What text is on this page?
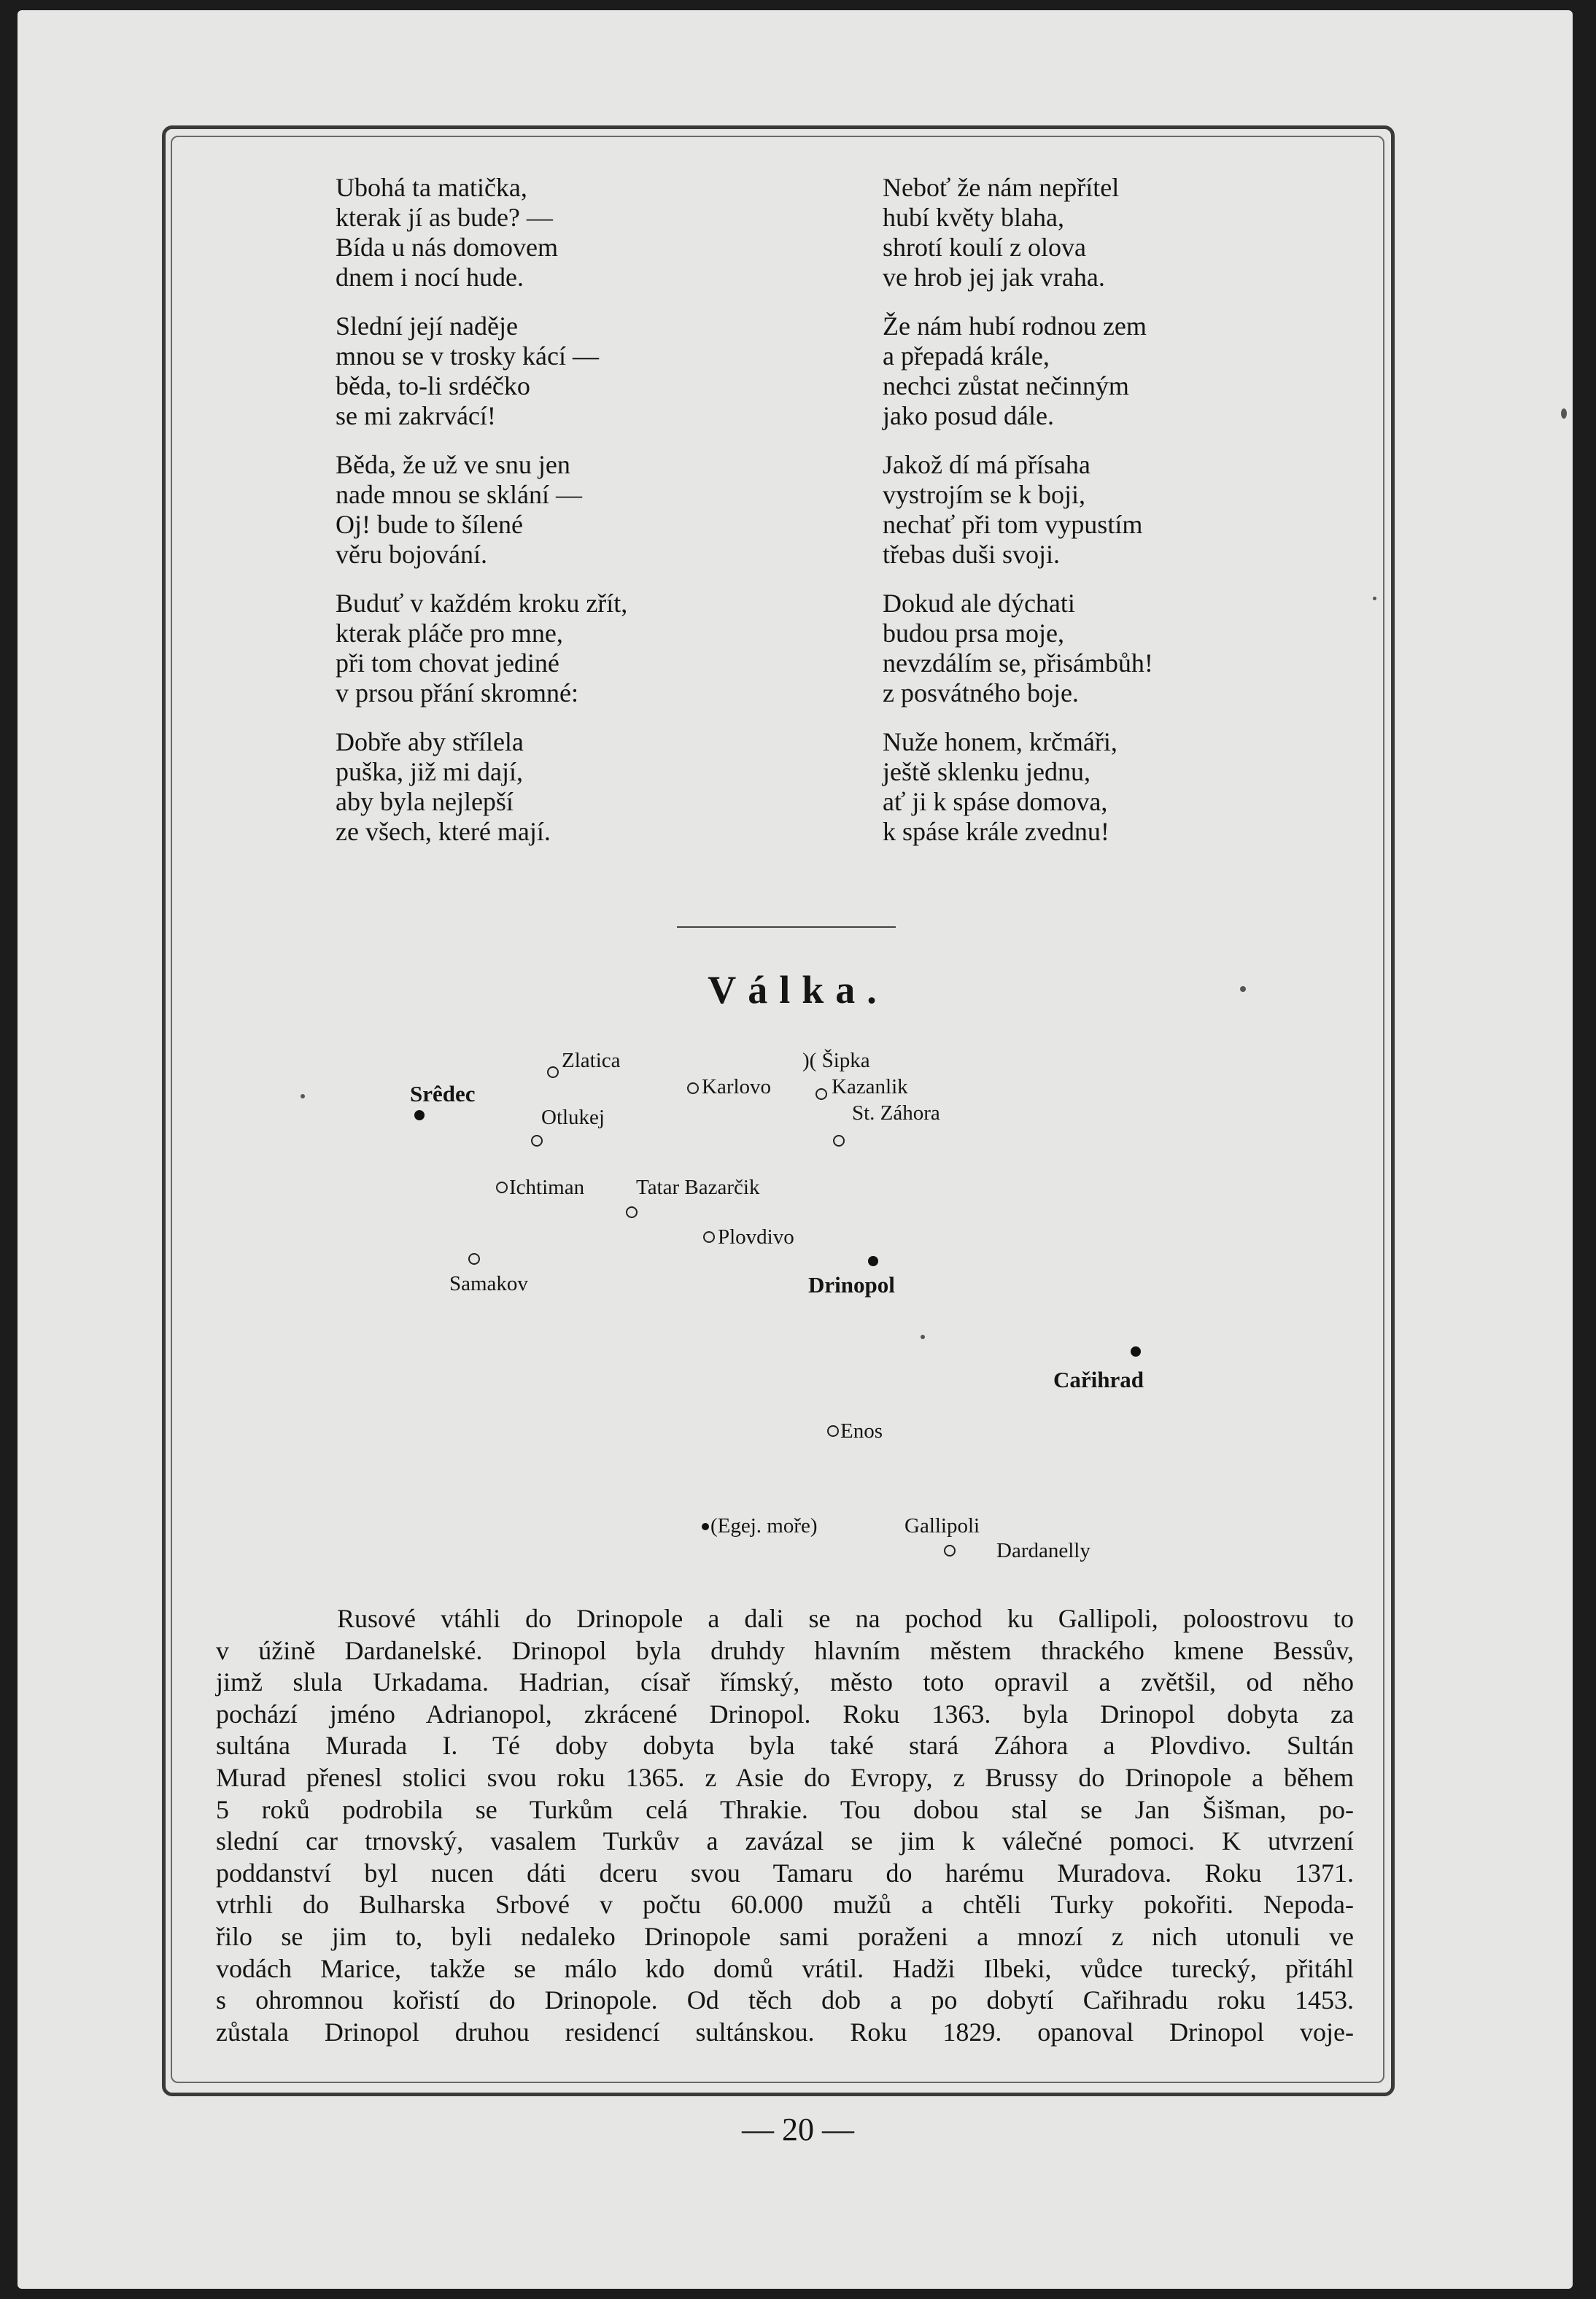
Ubohá ta matička,
kterak jí as bude? —
Bída u nás domovem
dnem i nocí hude.
Slední její naděje
mnou se v trosky kácí —
běda, to-li srdéčko
se mi zakrvácí!
Běda, že už ve snu jen
nade mnou se sklání —
Oj! bude to šílené
věru bojování.
Buduť v každém kroku zřít,
kterak pláče pro mne,
při tom chovat jediné
v prsou přání skromné:
Dobře aby střílela
puška, již mi dají,
aby byla nejlepší
ze všech, které mají.
Neboť že nám nepřítel
hubí květy blaha,
shrotí koulí z olova
ve hrob jej jak vraha.
Že nám hubí rodnou zem
a přepadá krále,
nechci zůstat nečinným
jako posud dále.
Jakož dí má přísaha
vystrojím se k boji,
nechať při tom vypustím
třebas duši svoji.
Dokud ale dýchati
budou prsa moje,
nevzdálím se, přisámbůh!
z posvátného boje.
Nuže honem, krčmáři,
ještě sklenku jednu,
ať ji k spáse domova,
k spáse krále zvednu!
Válka.
Zlatica
Karlovo
)( Šipka
Kazanlik
Srêdec
Otlukej	St. Záhora
Ichtiman Tatar Bazarčik
Plovdivo
Samakov	Drinopol
Cařihrad
Enos
(Egej. moře)	Gallipoli
Dardanelly
Rusové vtáhli do Drinopole a dali se na pochod ku Gallipoli, poloostrovu to
v úžině Dardanelské. Drinopol byla druhdy hlavním městem thrackého kmene Bessův,
jimž slula Urkadama. Hadrian, císař římský, město toto opravil a zvětšil, od něho
pochází jméno Adrianopol, zkrácené Drinopol. Roku 1363. byla Drinopol dobyta za
sultána Murada I. Té doby dobyta byla také stará Záhora a Plovdivo. Sultán
Murad přenesl stolici svou roku 1365. z Asie do Evropy, z Brussy do Drinopole a během
5 roků podrobila se Turkům celá Thrakie. Tou dobou stal se Jan Šišman, po-
slední car trnovský, vasalem Turkův a zavázal se jim k válečné pomoci. K utvrzení
poddanství byl nucen dáti dceru svou Tamaru do harému Muradova. Roku 1371.
vtrhli do Bulharska Srbové v počtu 60.000 mužů a chtěli Turky pokořiti. Nepoda-
řilo se jim to, byli nedaleko Drinopole sami poraženi a mnozí z nich utonuli ve
vodách Marice, takže se málo kdo domů vrátil. Hadži Ilbeki, vůdce turecký, přitáhl
s ohromnou kořistí do Drinopole. Od těch dob a po dobytí Cařihradu roku 1453.
zůstala Drinopol druhou residencí sultánskou. Roku 1829. opanoval Drinopol voje-
— 20 —
